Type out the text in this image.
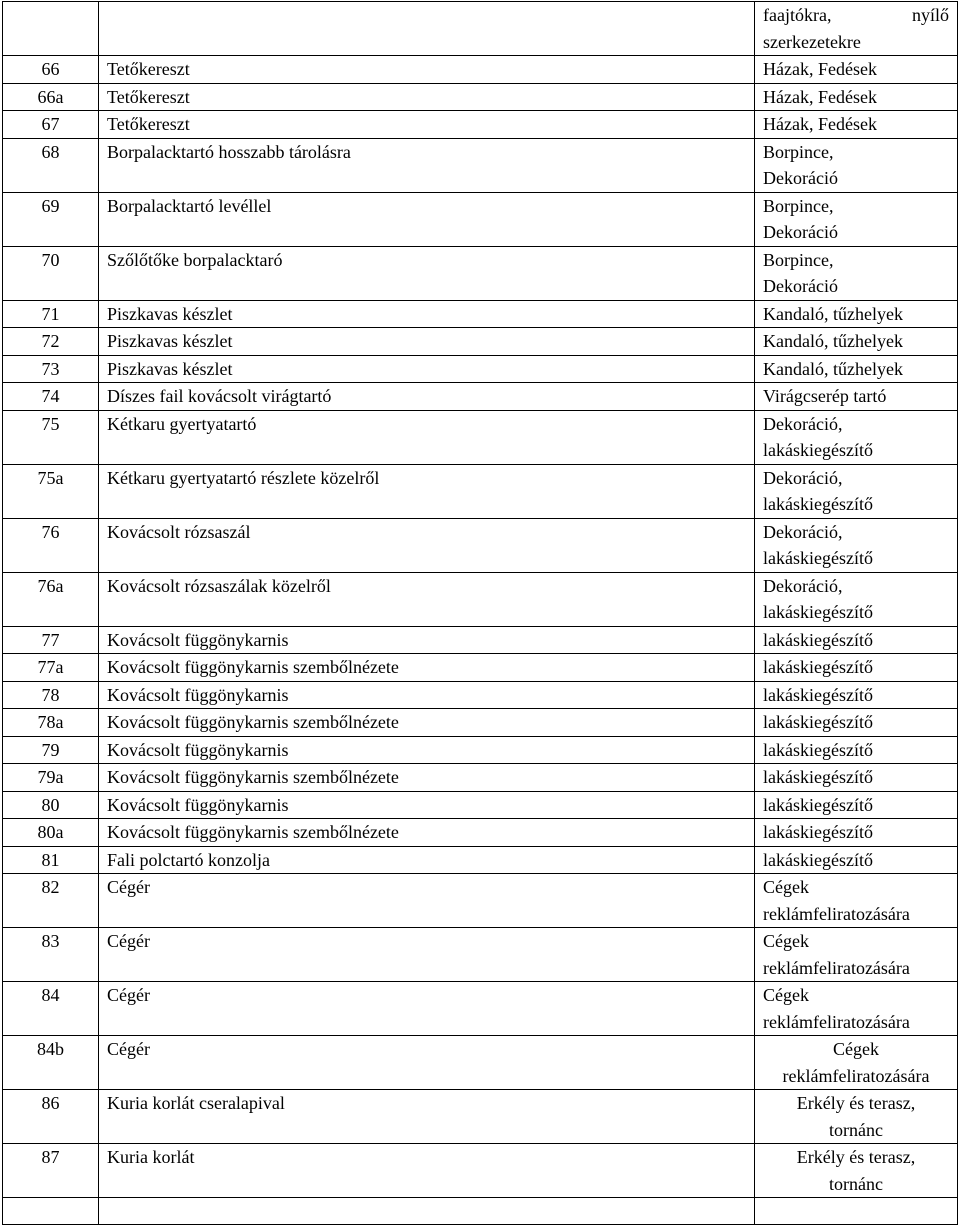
		faajtókra,        nyílő
szerkezetekre

66	Tetőkereszt	Házak, Fedések

66a	Tetőkereszt	Házak, Fedések

67	Tetőkereszt	Házak, Fedések

68	Borpalacktartó hosszabb tárolásra	Borpince,
Dekoráció

69	Borpalacktartó levéllel	Borpince,
Dekoráció

70	Szőlőtőke borpalacktaró	Borpince,
Dekoráció

71	Piszkavas készlet	Kandaló, tűzhelyek

72	Piszkavas készlet	Kandaló, tűzhelyek

73	Piszkavas készlet	Kandaló, tűzhelyek

74	Díszes fail kovácsolt virágtartó	Virágcserép tartó

75	Kétkaru gyertyatartó	Dekoráció,
lakáskiegészítő

75a	Kétkaru gyertyatartó részlete közelről	Dekoráció,
lakáskiegészítő

76	Kovácsolt rózsaszál	Dekoráció,
lakáskiegészítő

76a	Kovácsolt rózsaszálak közelről	Dekoráció,
lakáskiegészítő

77	Kovácsolt függönykarnis	lakáskiegészítő

77a	Kovácsolt függönykarnis szembőlnézete	lakáskiegészítő

78	Kovácsolt függönykarnis	lakáskiegészítő

78a	Kovácsolt függönykarnis szembőlnézete	lakáskiegészítő

79	Kovácsolt függönykarnis	lakáskiegészítő

79a	Kovácsolt függönykarnis szembőlnézete	lakáskiegészítő

80	Kovácsolt függönykarnis	lakáskiegészítő

80a	Kovácsolt függönykarnis szembőlnézete	lakáskiegészítő

81	Fali polctartó konzolja	lakáskiegészítő

82	Cégér	Cégek
reklámfeliratozására

83	Cégér	Cégek
reklámfeliratozására

84	Cégér	Cégek
reklámfeliratozására

84b	Cégér	Cégek
reklámfeliratozására

86	Kuria korlát cseralapival	Erkély és terasz,
tornánc

87	Kuria korlát	Erkély és terasz,
tornánc
